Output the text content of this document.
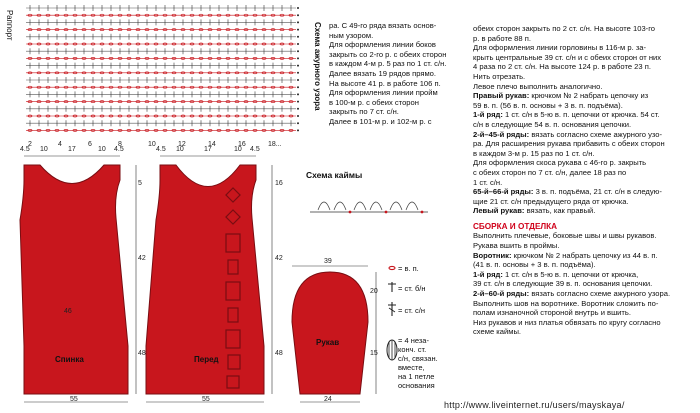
2	4	6	8	10	12	14	16	18...
Раппорт	Схема ажурного узора ра. С 49-го ряда вязать основ-

ным узором.

Для оформления линии боков

закрыть со 2-го р. с обеих сторон

в каждом 4-м р. 5 раз по 1 ст. с/н.

Далее вязать 19 рядов прямо.

На высоте 41 р. в работе 106 п.

Для оформления линии пройм

в 100-м р. с обеих сторон

закрыть по 7 ст. с/н.

Далее в 101-м р. и 102-м р. с

обеих сторон закрыть по 2 ст. с/н. На высоте 103-го

р. в работе 88 п.

Для оформления линии горловины в 116-м р. за-

крыть центральные 39 ст. с/н и с обеих сторон от них

4 раза по 2 ст. с/н. На высоте 124 р. в работе 23 п.

Нить отрезать.

Левое плечо выполнить аналогично.

Правый рукав: крючком № 2 набрать цепочку из

59 в. п. (56 в. п. основы + 3 в. п. подъёма).

1-й ряд: 1 ст. с/н в 5-ю в. п. цепочки от крючка. 54 ст.

с/н в следующие 54 в. п. основания цепочки.

2-й–45-й ряды: вязать согласно схеме ажурного узо-

ра. Для расширения рукава прибавить с обеих сторон

в каждом 3-м р. 15 раз по 1 ст. с/н.

Для оформления скоса рукава с 46-го р. закрыть

с обеих сторон по 7 ст. с/н, далее 18 раз по

1 ст. с/н.

65-й–66-й ряды: 3 в. п. подъёма, 21 ст. с/н в следую-

щие 21 ст. с/н предыдущего ряда от крючка.

Левый рукав: вязать, как правый.

СБОРКА И ОТДЕЛКА

Выполнить плечевые, боковые швы и швы рукавов.

Рукава вшить в проймы.

Воротник: крючком № 2 набрать цепочку из 44 в. п.

(41 в. п. основы + 3 в. п. подъёма).

1-й ряд: 1 ст. с/н в 5-ю в. п. цепочки от крючка,

39 ст. с/н в следующие 39 в. п. основания цепочки.

2-й–60-й ряды: вязать согласно схеме ажурного узора.

Выполнить шов на воротнике. Воротник сложить по-

полам изнаночной стороной внутрь и вшить.

Низ рукавов и низ платья обвязать по кругу согласно

схеме каймы.

4.5 10	17	10 4.5
5
42
48
46
Спинка
55
4.5 10	17	10 4.5
16
42
48
Перед
55
39
20
15
Рукав
24
Схема каймы
= в. п.
= ст. б/н
= ст. с/н
= 4 неза-
конч. ст.
с/н, связан.
вместе,
на 1 петле
основания
http://www.liveinternet.ru/users/mayskaya/
